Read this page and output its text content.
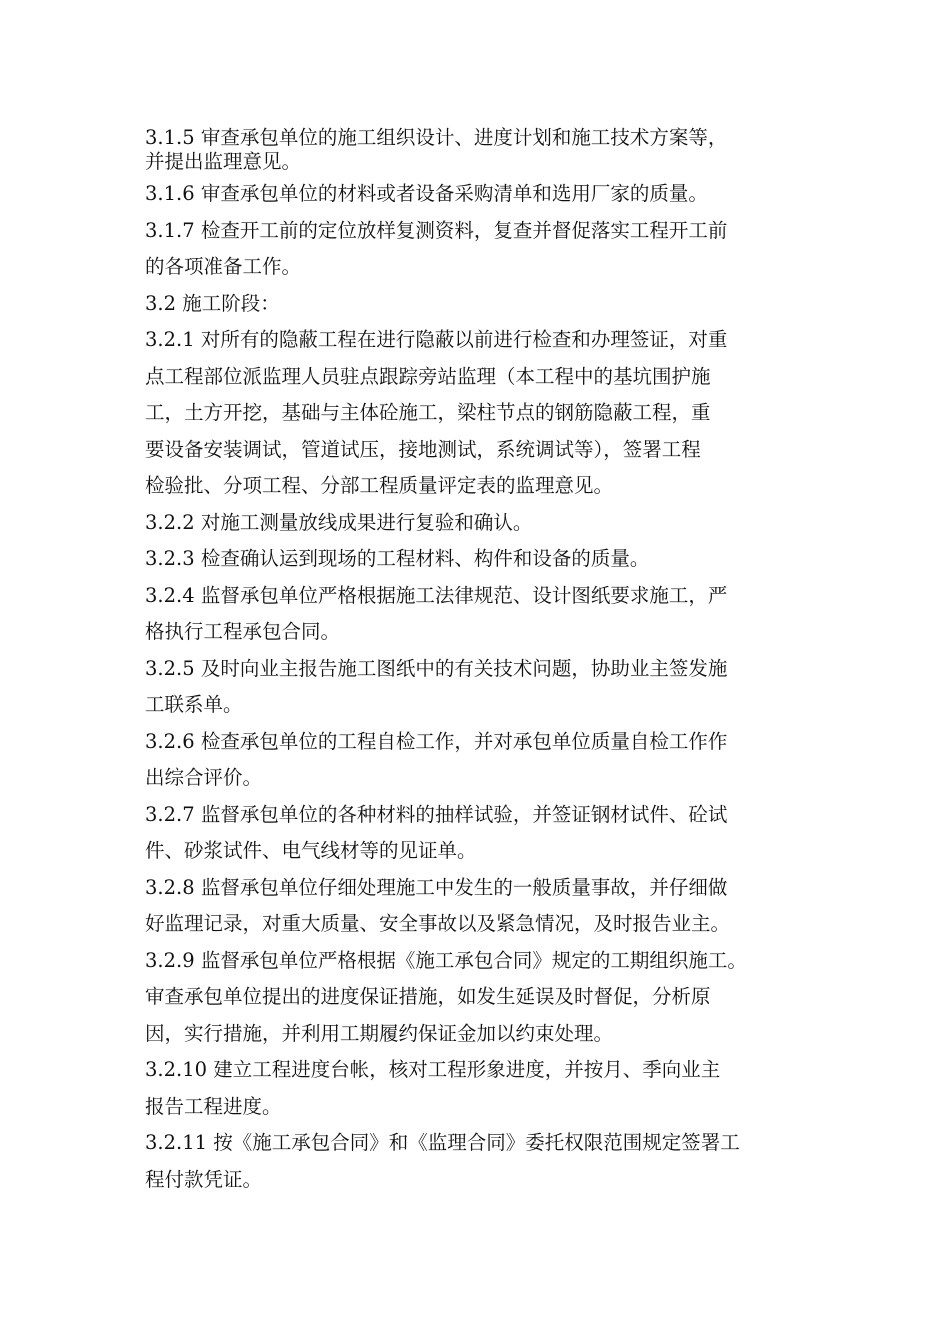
3.1.5 审查承包单位的施工组织设计、进度计划和施工技术方案等，
并提出监理意见。
3.1.6 审查承包单位的材料或者设备采购清单和选用厂家的质量。
3.1.7 检查开工前的定位放样复测资料，复查并督促落实工程开工前
的各项准备工作。
3.2 施工阶段：
3.2.1 对所有的隐蔽工程在进行隐蔽以前进行检查和办理签证，对重
点工程部位派监理人员驻点跟踪旁站监理（本工程中的基坑围护施
工，土方开挖，基础与主体砼施工，梁柱节点的钢筋隐蔽工程，重
要设备安装调试，管道试压，接地测试，系统调试等），签署工程
检验批、分项工程、分部工程质量评定表的监理意见。
3.2.2 对施工测量放线成果进行复验和确认。
3.2.3 检查确认运到现场的工程材料、构件和设备的质量。
3.2.4 监督承包单位严格根据施工法律规范、设计图纸要求施工，严
格执行工程承包合同。
3.2.5 及时向业主报告施工图纸中的有关技术问题，协助业主签发施
工联系单。
3.2.6 检查承包单位的工程自检工作，并对承包单位质量自检工作作
出综合评价。
3.2.7 监督承包单位的各种材料的抽样试验，并签证钢材试件、砼试
件、砂浆试件、电气线材等的见证单。
3.2.8 监督承包单位仔细处理施工中发生的一般质量事故，并仔细做
好监理记录，对重大质量、安全事故以及紧急情况，及时报告业主。
3.2.9 监督承包单位严格根据《施工承包合同》规定的工期组织施工。
审查承包单位提出的进度保证措施，如发生延误及时督促，分析原
因，实行措施，并利用工期履约保证金加以约束处理。
3.2.10 建立工程进度台帐，核对工程形象进度，并按月、季向业主
报告工程进度。
3.2.11 按《施工承包合同》和《监理合同》委托权限范围规定签署工
程付款凭证。
